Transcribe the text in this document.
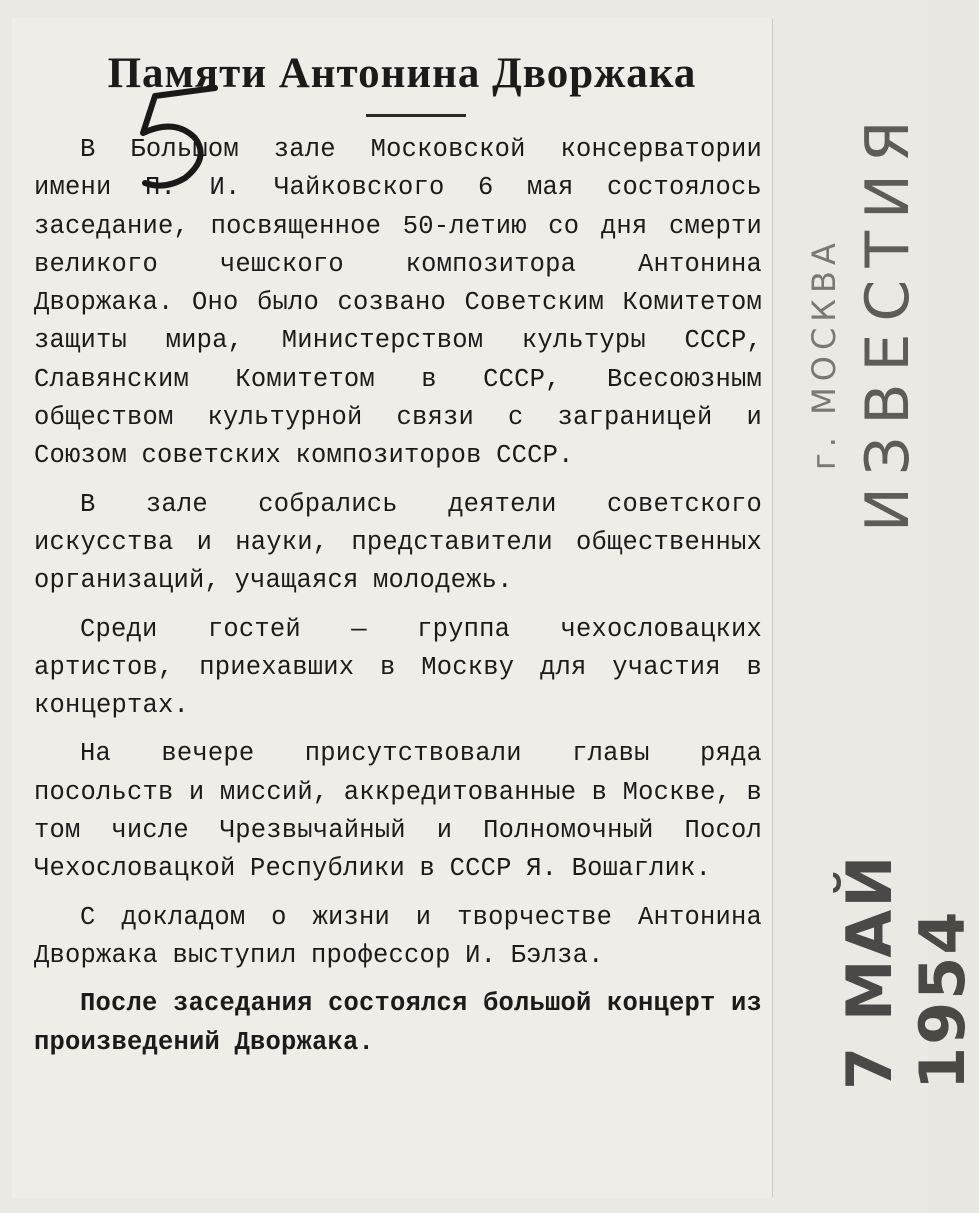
Памяти Антонина Дворжака

В Большом зале Московской консерватории имени П. И. Чайковского 6 мая состоялось заседание, посвященное 50-летию со дня смерти великого чешского композитора Антонина Дворжака. Оно было созвано Советским Комитетом защиты мира, Министерством культуры СССР, Славянским Комитетом в СССР, Всесоюзным обществом культурной связи с заграницей и Союзом советских композиторов СССР.

В зале собрались деятели советского искусства и науки, представители общественных организаций, учащаяся молодежь.

Среди гостей — группа чехословацких артистов, приехавших в Москву для участия в концертах.

На вечере присутствовали главы ряда посольств и миссий, аккредитованные в Москве, в том числе Чрезвычайный и Полномочный Посол Чехословацкой Республики в СССР Я. Вошаглик.

С докладом о жизни и творчестве Антонина Дворжака выступил профессор И. Бэлза.

После заседания состоялся большой концерт из произведений Дворжака.

ИЗВЕСТИЯ
г. МОСКВА
7 МАЙ 1954
